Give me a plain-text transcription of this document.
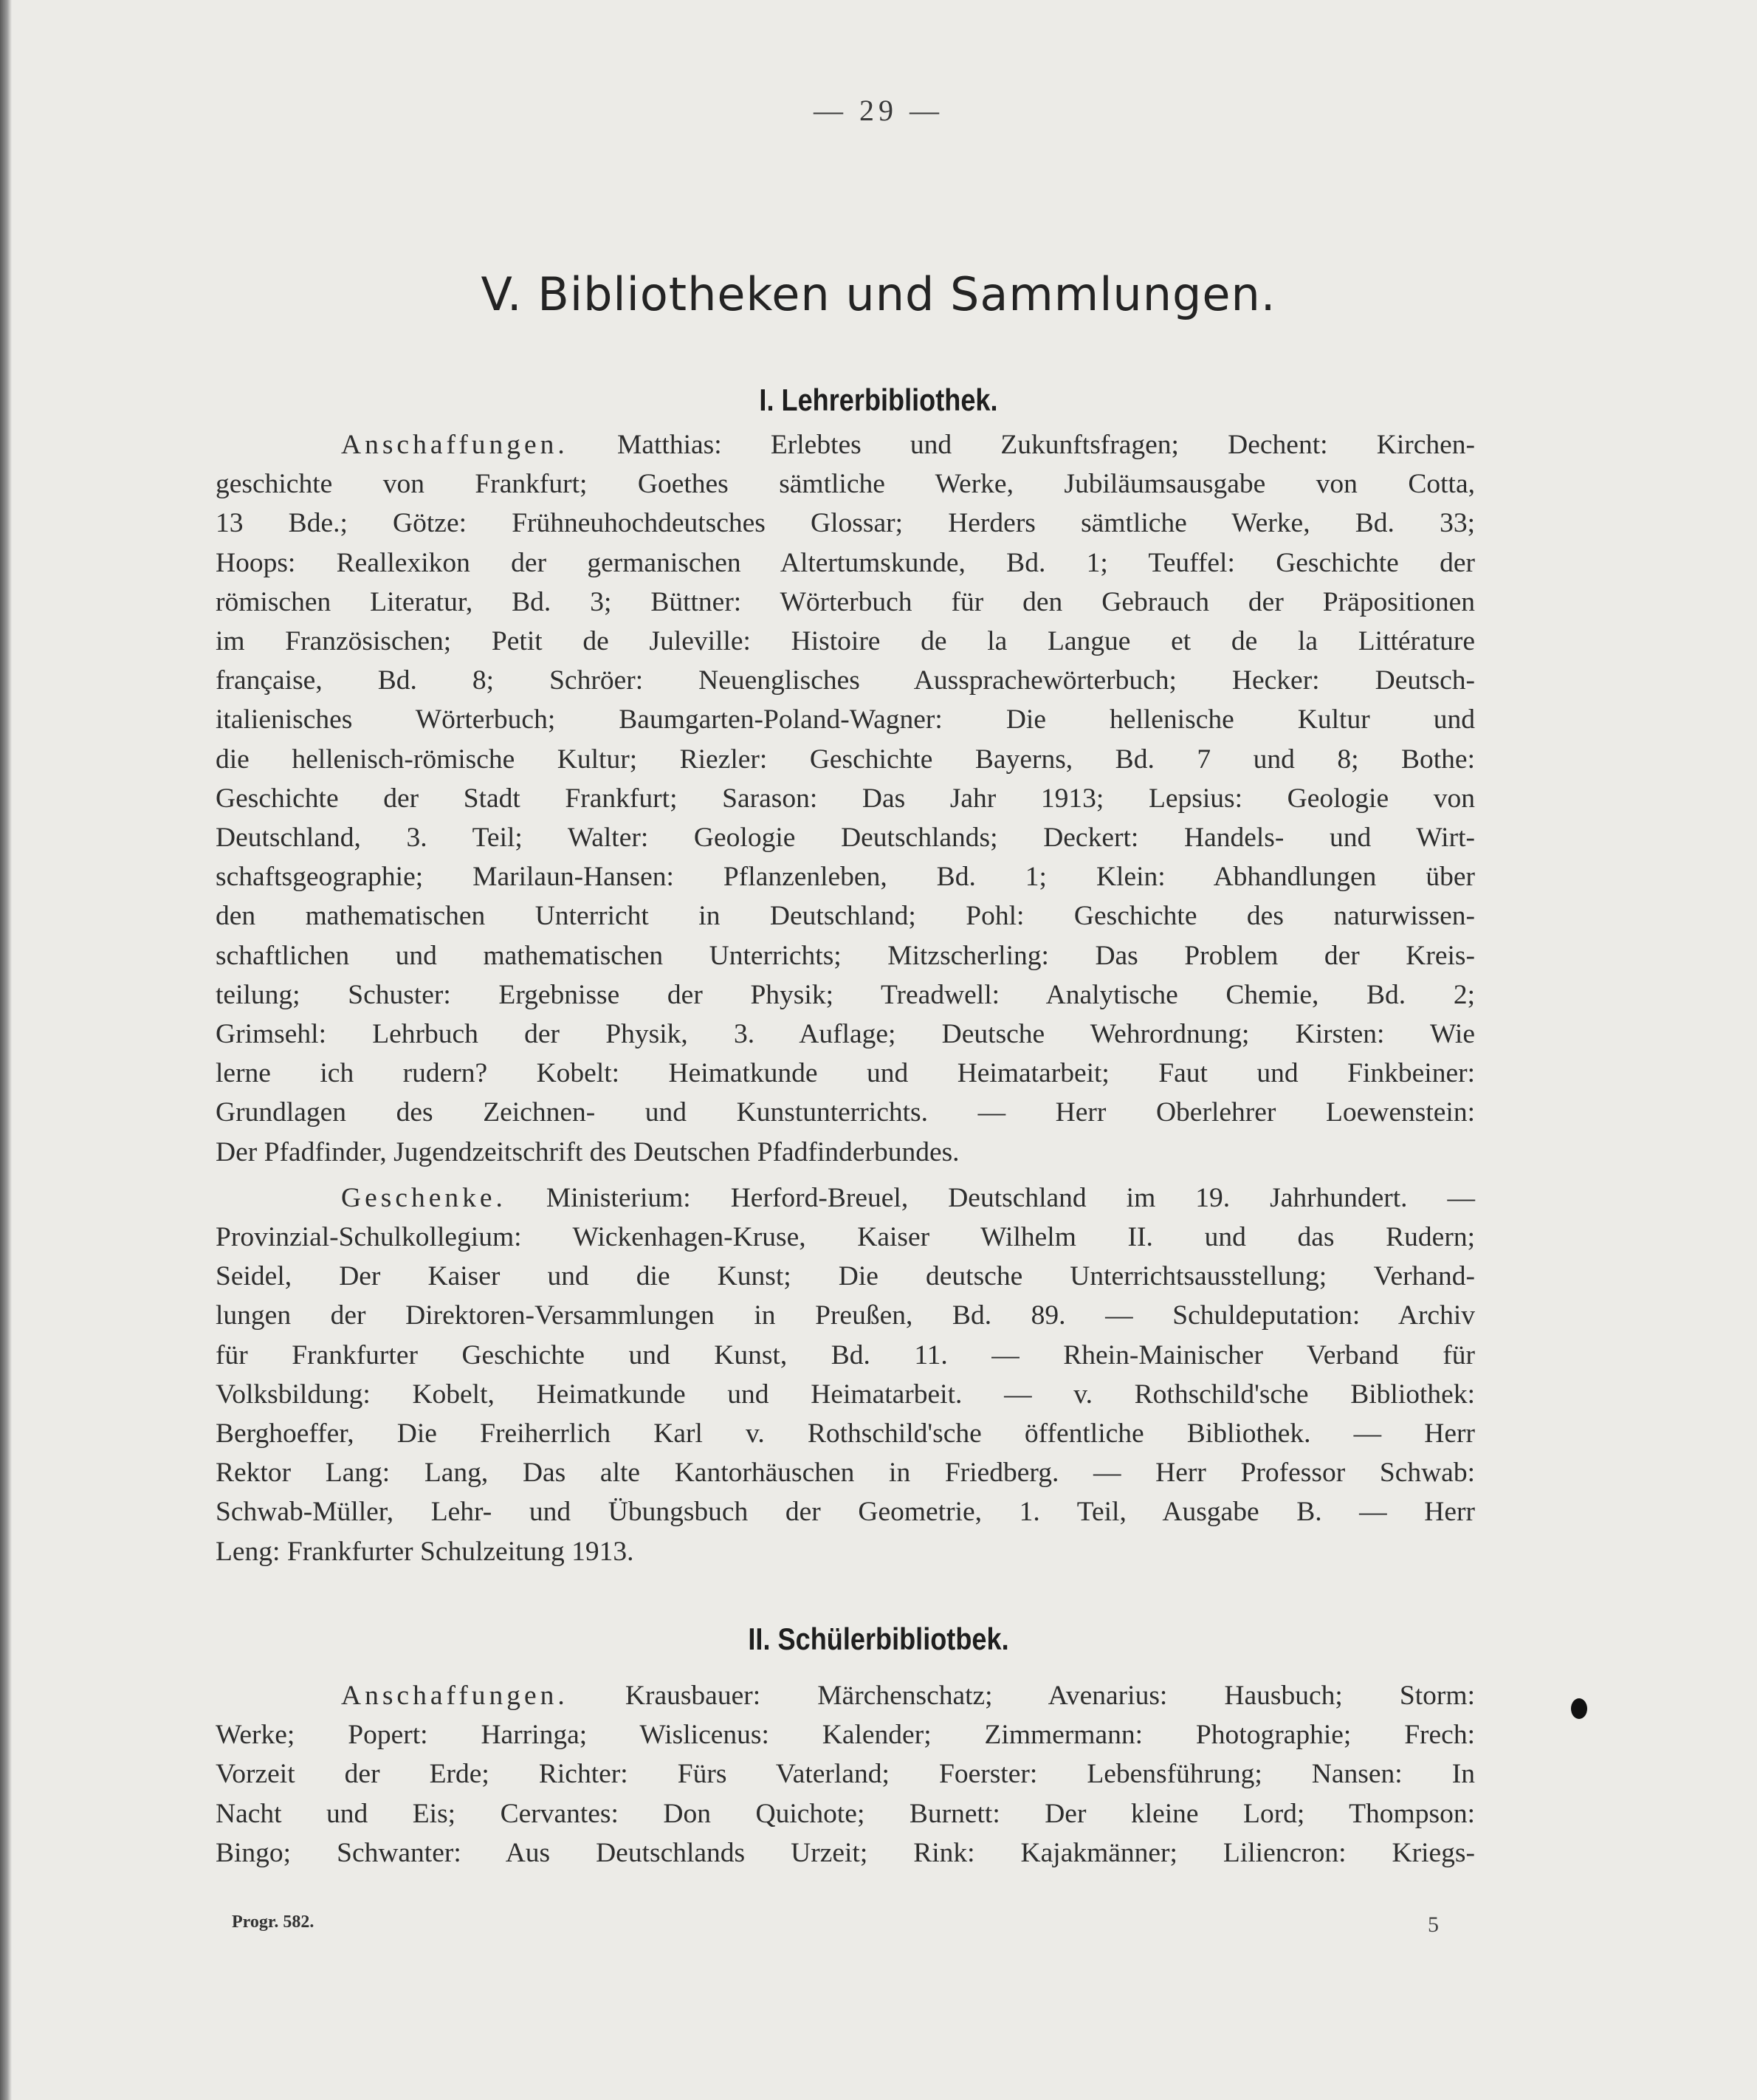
— 29 —
V. Bibliotheken und Sammlungen.
I. Lehrerbibliothek.
Anschaffungen. Matthias: Erlebtes und Zukunftsfragen; Dechent: Kirchen-
geschichte von Frankfurt; Goethes sämtliche Werke, Jubiläumsausgabe von Cotta,
13 Bde.; Götze: Frühneuhochdeutsches Glossar; Herders sämtliche Werke, Bd. 33;
Hoops: Reallexikon der germanischen Altertumskunde, Bd. 1; Teuffel: Geschichte der
römischen Literatur, Bd. 3; Büttner: Wörterbuch für den Gebrauch der Präpositionen
im Französischen; Petit de Juleville: Histoire de la Langue et de la Littérature
française, Bd. 8; Schröer: Neuenglisches Aussprachewörterbuch; Hecker: Deutsch-
italienisches Wörterbuch; Baumgarten-Poland-Wagner: Die hellenische Kultur und
die hellenisch-römische Kultur; Riezler: Geschichte Bayerns, Bd. 7 und 8; Bothe:
Geschichte der Stadt Frankfurt; Sarason: Das Jahr 1913; Lepsius: Geologie von
Deutschland, 3. Teil; Walter: Geologie Deutschlands; Deckert: Handels- und Wirt-
schaftsgeographie; Marilaun-Hansen: Pflanzenleben, Bd. 1; Klein: Abhandlungen über
den mathematischen Unterricht in Deutschland; Pohl: Geschichte des naturwissen-
schaftlichen und mathematischen Unterrichts; Mitzscherling: Das Problem der Kreis-
teilung; Schuster: Ergebnisse der Physik; Treadwell: Analytische Chemie, Bd. 2;
Grimsehl: Lehrbuch der Physik, 3. Auflage; Deutsche Wehrordnung; Kirsten: Wie
lerne ich rudern? Kobelt: Heimatkunde und Heimatarbeit; Faut und Finkbeiner:
Grundlagen des Zeichnen- und Kunstunterrichts. — Herr Oberlehrer Loewenstein:
Der Pfadfinder, Jugendzeitschrift des Deutschen Pfadfinderbundes.
Geschenke. Ministerium: Herford-Breuel, Deutschland im 19. Jahrhundert. —
Provinzial-Schulkollegium: Wickenhagen-Kruse, Kaiser Wilhelm II. und das Rudern;
Seidel, Der Kaiser und die Kunst; Die deutsche Unterrichtsausstellung; Verhand-
lungen der Direktoren-Versammlungen in Preußen, Bd. 89. — Schuldeputation: Archiv
für Frankfurter Geschichte und Kunst, Bd. 11. — Rhein-Mainischer Verband für
Volksbildung: Kobelt, Heimatkunde und Heimatarbeit. — v. Rothschild'sche Bibliothek:
Berghoeffer, Die Freiherrlich Karl v. Rothschild'sche öffentliche Bibliothek. — Herr
Rektor Lang: Lang, Das alte Kantorhäuschen in Friedberg. — Herr Professor Schwab:
Schwab-Müller, Lehr- und Übungsbuch der Geometrie, 1. Teil, Ausgabe B. — Herr
Leng: Frankfurter Schulzeitung 1913.
II. Schülerbibliotbek.
Anschaffungen. Krausbauer: Märchenschatz; Avenarius: Hausbuch; Storm:
Werke; Popert: Harringa; Wislicenus: Kalender; Zimmermann: Photographie; Frech:
Vorzeit der Erde; Richter: Fürs Vaterland; Foerster: Lebensführung; Nansen: In
Nacht und Eis; Cervantes: Don Quichote; Burnett: Der kleine Lord; Thompson:
Bingo; Schwanter: Aus Deutschlands Urzeit; Rink: Kajakmänner; Liliencron: Kriegs-
Progr. 582.	5
